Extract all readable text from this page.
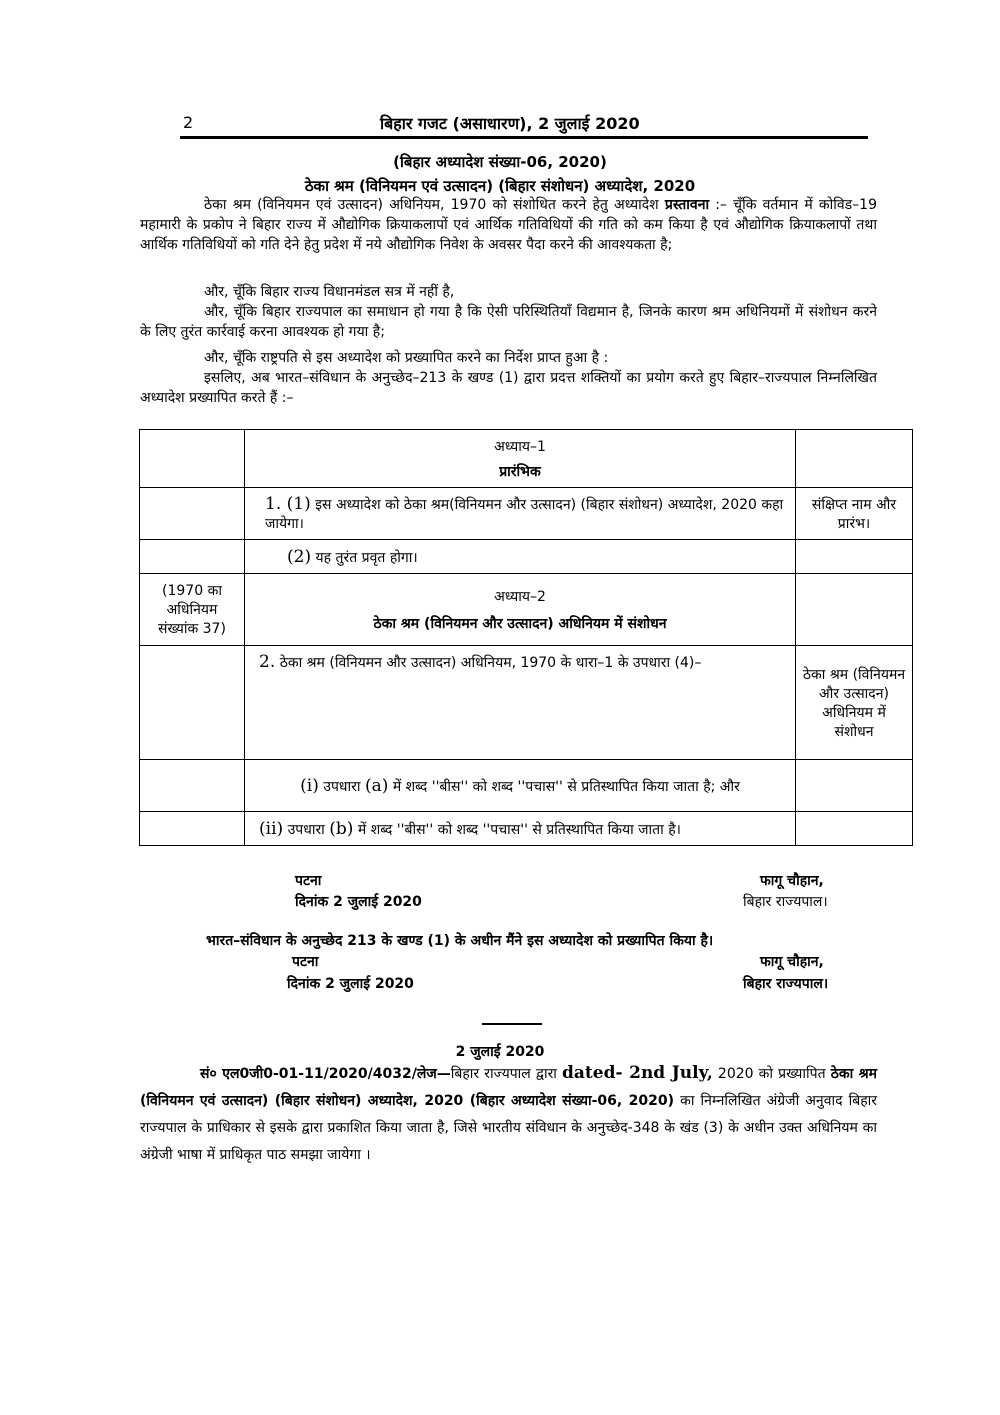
2	बिहार गजट (असाधारण), 2 जुलाई 2020
(बिहार अध्यादेश संख्या-06, 2020)
ठेका श्रम (विनियमन एवं उत्सादन) (बिहार संशोधन) अध्यादेश, 2020
ठेका श्रम (विनियमन एवं उत्सादन) अधिनियम, 1970 को संशोधित करने हेतु अध्यादेश प्रस्तावना :– चूँकि वर्तमान में कोविड–19 महामारी के प्रकोप ने बिहार राज्य में औद्योगिक क्रियाकलापों एवं आर्थिक गतिविधियों की गति को कम किया है एवं औद्योगिक क्रियाकलापों तथा आर्थिक गतिविधियों को गति देने हेतु प्रदेश में नये औद्योगिक निवेश के अवसर पैदा करने की आवश्यकता है;
और, चूँकि बिहार राज्य विधानमंडल सत्र में नहीं है,
और, चूँकि बिहार राज्यपाल का समाधान हो गया है कि ऐसी परिस्थितियाँ विद्यमान है, जिनके कारण श्रम अधिनियमों में संशोधन करने के लिए तुरंत कार्रवाई करना आवश्यक हो गया है;
और, चूँकि राष्ट्रपति से इस अध्यादेश को प्रख्यापित करने का निर्देश प्राप्त हुआ है :
इसलिए, अब भारत–संविधान के अनुच्छेद–213 के खण्ड (1) द्वारा प्रदत्त शक्तियों का प्रयोग करते हुए बिहार–राज्यपाल निम्नलिखित अध्यादेश प्रख्यापित करते हैं :–

	अध्याय–1
प्रारंभिक	

	1. (1) इस अध्यादेश को ठेका श्रम(विनियमन और उत्सादन) (बिहार संशोधन) अध्यादेश, 2020 कहा जायेगा।	संक्षिप्त नाम और प्रारंभ।
	(2) यह तुरंत प्रवृत होगा।	
(1970 का अधिनियम संख्यांक 37)	अध्याय–2
ठेका श्रम (विनियमन और उत्सादन) अधिनियम में संशोधन	

	2. ठेका श्रम (विनियमन और उत्सादन) अधिनियम, 1970 के धारा–1 के उपधारा (4)–	ठेका श्रम (विनियमन और उत्सादन) अधिनियम में संशोधन
	(i) उपधारा (a) में शब्द ''बीस'' को शब्द ''पचास'' से प्रतिस्थापित किया जाता है; और	
	(ii) उपधारा (b) में शब्द ''बीस'' को शब्द ''पचास'' से प्रतिस्थापित किया जाता है।	
पटना
दिनांक 2 जुलाई 2020
फागू चौहान,
बिहार राज्यपाल।
भारत–संविधान के अनुच्छेद 213 के खण्ड (1) के अधीन मैंने इस अध्यादेश को प्रख्यापित किया है।
पटना
दिनांक 2 जुलाई 2020
फागू चौहान,
बिहार राज्यपाल।
2 जुलाई 2020
सं० एल0जी0-01-11/2020/4032/लेज—बिहार राज्यपाल द्वारा dated- 2nd July, 2020 को प्रख्यापित ठेका श्रम (विनियमन एवं उत्सादन) (बिहार संशोधन) अध्यादेश, 2020 (बिहार अध्यादेश संख्या-06, 2020) का निम्नलिखित अंग्रेजी अनुवाद बिहार राज्यपाल के प्राधिकार से इसके द्वारा प्रकाशित किया जाता है, जिसे भारतीय संविधान के अनुच्छेद-348 के खंड (3) के अधीन उक्त अधिनियम का अंग्रेजी भाषा में प्राधिकृत पाठ समझा जायेगा ।
